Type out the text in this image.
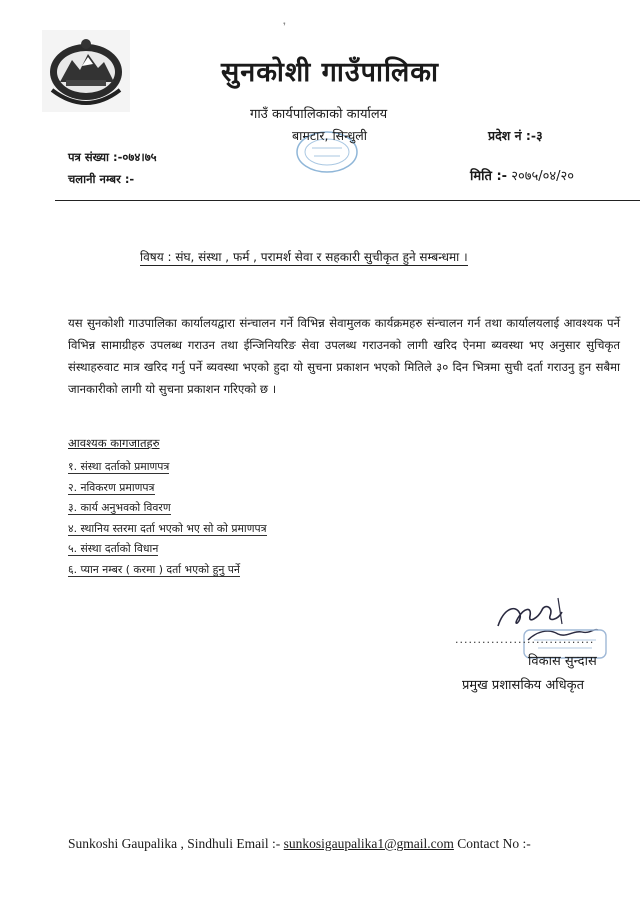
❜
सुनकोशी गाउँपालिका
गाउँ कार्यपालिकाको कार्यालय
बामटार, सिन्धुली	प्रदेश नं :-३
पत्र संख्या :-०७४।७५
चलानी नम्बर :-	मिति :- २०७५/०४/२०
विषय : संघ, संस्था , फर्म , परामर्श सेवा र सहकारी सुचीकृत हुने सम्बन्धमा ।
यस सुनकोशी गाउपालिका कार्यालयद्वारा संन्चालन गर्ने विभिन्न सेवामुलक कार्यक्रमहरु संन्चालन गर्न तथा कार्यालयलाई आवश्यक पर्ने विभिन्न सामाग्रीहरु उपलब्ध गराउन तथा ईन्जिनियरिङ सेवा उपलब्ध गराउनको लागी खरिद ऐनमा ब्यवस्था भए अनुसार सुचिकृत संस्थाहरुवाट मात्र खरिद गर्नु पर्ने ब्यवस्था भएको हुदा यो सुचना प्रकाशन भएको मितिले ३० दिन भित्रमा सुची दर्ता गराउनु हुन सबैमा जानकारीको लागी यो सुचना प्रकाशन गरिएको छ ।
आवश्यक कागजातहरु
१. संस्था दर्ताको प्रमाणपत्र
२. नविकरण प्रमाणपत्र
३. कार्य अनुभवको विवरण
४. स्थानिय स्तरमा दर्ता भएको भए सो को प्रमाणपत्र
५. संस्था दर्ताको विधान
६. प्यान नम्बर ( करमा ) दर्ता भएको हुनु पर्ने
...............................
विकास सुन्दास
प्रमुख प्रशासकिय अधिकृत
Sunkoshi Gaupalika , Sindhuli Email :- sunkosigaupalika1@gmail.com Contact No :-
